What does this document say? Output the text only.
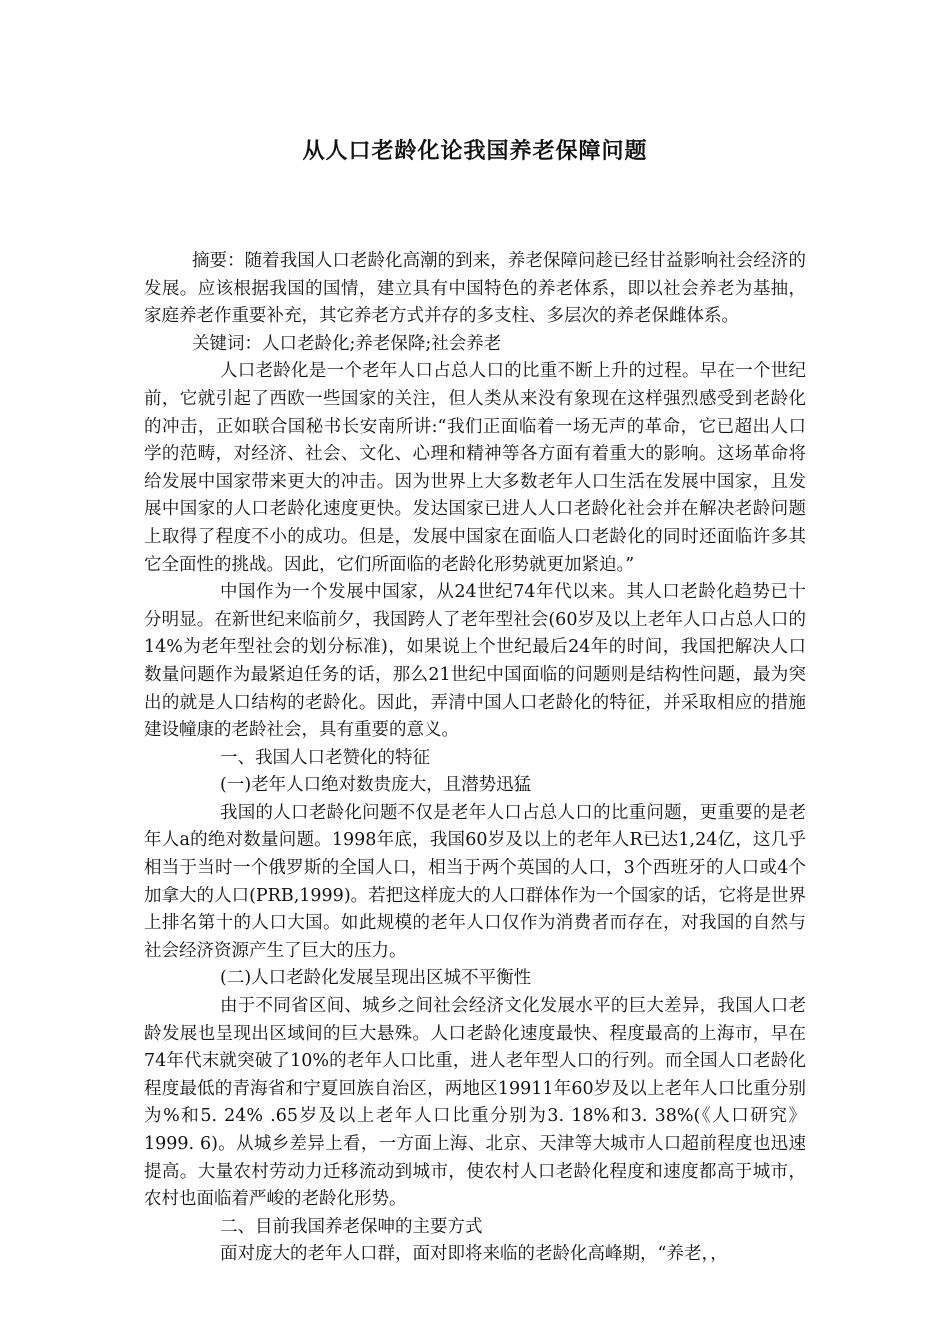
从人口老龄化论我国养老保障问题

摘要：随着我国人口老龄化高潮的到来，养老保障问趁已经甘益影响社会经济的发展。应该根据我国的国情，建立具有中国特色的养老体系，即以社会养老为基抽，家庭养老作重要补充，其它养老方式并存的多支柱、多层次的养老保雌体系。

关键词：人口老龄化;养老保降;社会养老

人口老龄化是一个老年人口占总人口的比重不断上升的过程。早在一个世纪前，它就引起了西欧一些国家的关注，但人类从来没有象现在这样强烈感受到老龄化的冲击，正如联合国秘书长安南所讲:“我们正面临着一场无声的革命，它已超出人口学的范畴，对经济、社会、文化、心理和精神等各方面有着重大的影响。这场革命将给发展中国家带来更大的冲击。因为世界上大多数老年人口生活在发展中国家，且发展中国家的人口老龄化速度更快。发达国家已进人人口老龄化社会并在解决老龄问题上取得了程度不小的成功。但是，发展中国家在面临人口老龄化的同时还面临许多其它全面性的挑战。因此，它们所面临的老龄化形势就更加紧迫。”

中国作为一个发展中国家，从24世纪74年代以来。其人口老龄化趋势已十分明显。在新世纪来临前夕，我国跨人了老年型社会(60岁及以上老年人口占总人口的14%为老年型社会的划分标准)，如果说上个世纪最后24年的时间，我国把解决人口数量问题作为最紧迫任务的话，那么21世纪中国面临的问题则是结构性问题，最为突出的就是人口结构的老龄化。因此，弄清中国人口老龄化的特征，并采取相应的措施建设幢康的老龄社会，具有重要的意义。

一、我国人口老赞化的特征

(一)老年人口绝对数贵庞大，且潜势迅猛

我国的人口老龄化问题不仅是老年人口占总人口的比重问题，更重要的是老年人a的绝对数量问题。1998年底，我国60岁及以上的老年人R已达1,24亿，这几乎相当于当时一个俄罗斯的全国人口，相当于两个英国的人口，3个西班牙的人口或4个加拿大的人口(PRB,1999)。若把这样庞大的人口群体作为一个国家的话，它将是世界上排名第十的人口大国。如此规模的老年人口仅作为消费者而存在，对我国的自然与社会经济资源产生了巨大的压力。

(二)人口老龄化发展呈现出区城不平衡性

由于不同省区间、城乡之间社会经济文化发展水平的巨大差异，我国人口老龄发展也呈现出区域间的巨大悬殊。人口老龄化速度最快、程度最高的上海市，早在74年代末就突破了10%的老年人口比重，进人老年型人口的行列。而全国人口老龄化程度最低的青海省和宁夏回族自治区，两地区19911年60岁及以上老年人口比重分别为%和5. 24% .65岁及以上老年人口比重分别为3. 18%和3. 38%(《人口研究》1999. 6)。从城乡差异上看，一方面上海、北京、天津等大城市人口超前程度也迅速提高。大量农村劳动力迁移流动到城市，使农村人口老龄化程度和速度都高于城市，农村也面临着严峻的老龄化形势。

二、目前我国养老保呻的主要方式

面对庞大的老年人口群，面对即将来临的老龄化高峰期，“养老，，
